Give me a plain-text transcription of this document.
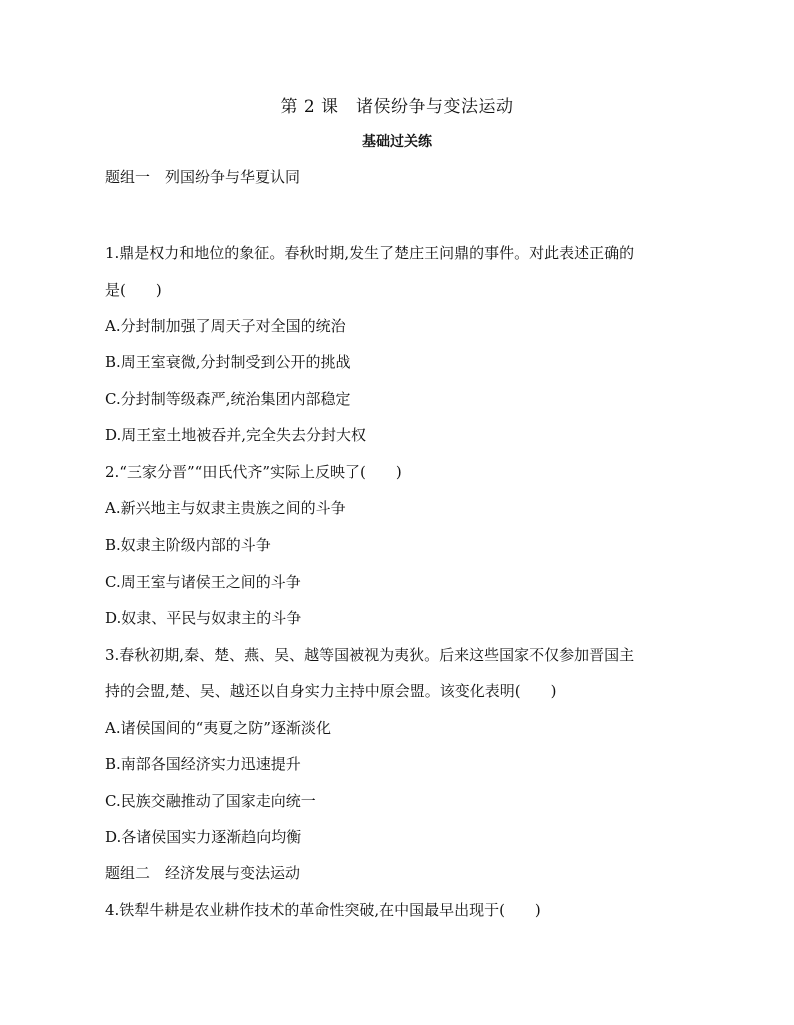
第 2 课　诸侯纷争与变法运动
基础过关练
题组一　列国纷争与华夏认同
1.鼎是权力和地位的象征。春秋时期,发生了楚庄王问鼎的事件。对此表述正确的
是(　　)
A.分封制加强了周天子对全国的统治
B.周王室衰微,分封制受到公开的挑战
C.分封制等级森严,统治集团内部稳定
D.周王室土地被吞并,完全失去分封大权
2.“三家分晋”“田氏代齐”实际上反映了(　　)
A.新兴地主与奴隶主贵族之间的斗争
B.奴隶主阶级内部的斗争
C.周王室与诸侯王之间的斗争
D.奴隶、平民与奴隶主的斗争
3.春秋初期,秦、楚、燕、吴、越等国被视为夷狄。后来这些国家不仅参加晋国主
持的会盟,楚、吴、越还以自身实力主持中原会盟。该变化表明(　　)
A.诸侯国间的“夷夏之防”逐渐淡化
B.南部各国经济实力迅速提升
C.民族交融推动了国家走向统一
D.各诸侯国实力逐渐趋向均衡
题组二　经济发展与变法运动
4.铁犁牛耕是农业耕作技术的革命性突破,在中国最早出现于(　　)
